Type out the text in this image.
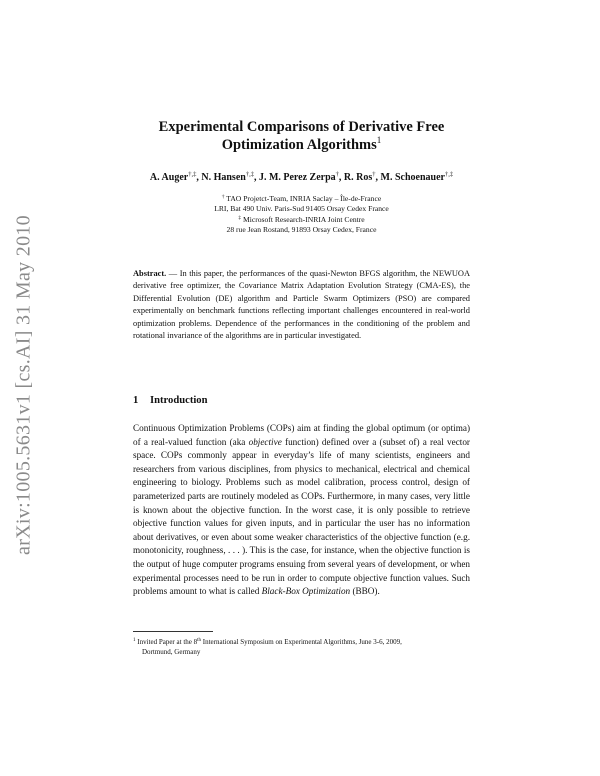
arXiv:1005.5631v1 [cs.AI] 31 May 2010
Experimental Comparisons of Derivative Free
Optimization Algorithms$^1$
A. Auger†,‡, N. Hansen†,‡, J. M. Perez Zerpa†, R. Ros†, M. Schoenauer†,‡
† TAO Projetct-Team, INRIA Saclay – Île-de-France
LRI, Bat 490 Univ. Paris-Sud 91405 Orsay Cedex France
‡ Microsoft Research-INRIA Joint Centre
28 rue Jean Rostand, 91893 Orsay Cedex, France
Abstract. — In this paper, the performances of the quasi-Newton BFGS algorithm, the NEWUOA derivative free optimizer, the Covariance Matrix Adaptation Evolution Strategy (CMA-ES), the Differential Evolution (DE) algorithm and Particle Swarm Optimizers (PSO) are compared experimentally on benchmark functions reflecting important challenges encountered in real-world optimization problems. Dependence of the performances in the conditioning of the problem and rotational invariance of the algorithms are in particular investigated.
1 Introduction

Continuous Optimization Problems (COPs) aim at finding the global optimum (or optima) of a real-valued function (aka objective function) defined over a (subset of) a real vector space. COPs commonly appear in everyday’s life of many scientists, engineers and researchers from various disciplines, from physics to mechanical, electrical and chemical engineering to biology. Problems such as model calibration, process control, design of parameterized parts are routinely modeled as COPs. Furthermore, in many cases, very little is known about the objective function. In the worst case, it is only possible to retrieve objective function values for given inputs, and in particular the user has no information about derivatives, or even about some weaker characteristics of the objective function (e.g. monotonicity, roughness, . . . ). This is the case, for instance, when the objective function is the output of huge computer programs ensuing from several years of development, or when experimental processes need to be run in order to compute objective function values. Such problems amount to what is called Black-Box Optimization (BBO).

$^1$ Invited Paper at the 8th International Symposium on Experimental Algorithms, June 3-6, 2009,
Dortmund, Germany
